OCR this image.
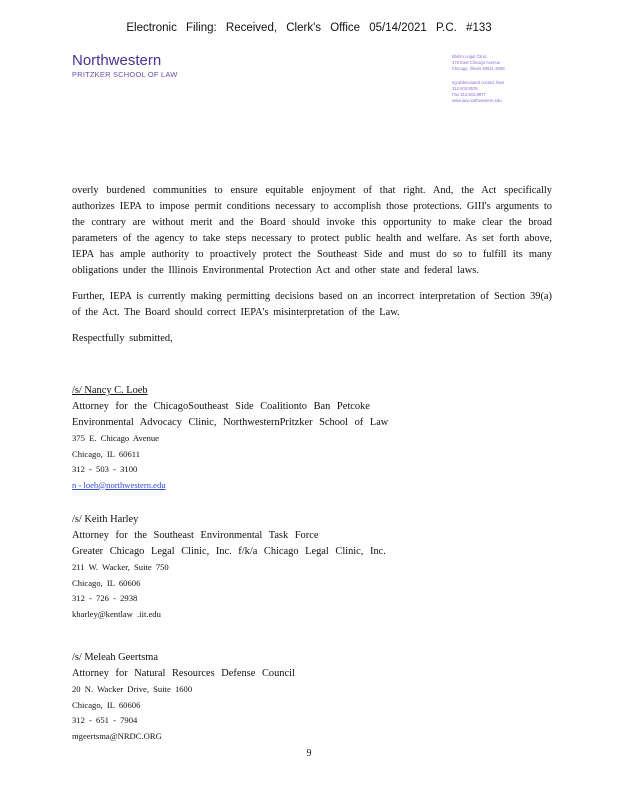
Electronic Filing: Received, Clerk's Office 05/14/2021 P.C. #133
Northwestern
PRITZKER SCHOOL OF LAW
Bluhm Legal Clinic
375 East Chicago Avenue
Chicago, Illinois 60611-3069
ng-abbreviated contact lines
312.503.8576
Fax 312.503.8977
www.law.northwestern.edu

overly burdened communities to ensure equitable enjoyment of that right. And, the Act specifically authorizes IEPA to impose permit conditions necessary to accomplish those protections. GIII's arguments to the contrary are without merit and the Board should invoke this opportunity to make clear the broad parameters of the agency to take steps necessary to protect public health and welfare. As set forth above, IEPA has ample authority to proactively protect the Southeast Side and must do so to fulfill its many obligations under the Illinois Environmental Protection Act and other state and federal laws.

Further, IEPA is currently making permitting decisions based on an incorrect interpretation of Section 39(a) of the Act. The Board should correct IEPA's misinterpretation of the Law.

Respectfully submitted,

/s/ Nancy C. Loeb
Attorney for the ChicagoSoutheast Side Coalitionto Ban Petcoke
Environmental Advocacy Clinic, NorthwesternPritzker School of Law
375 E. Chicago Avenue
Chicago, IL 60611
312 - 503 - 3100
n - loeb@northwestern.edu
/s/ Keith Harley
Attorney for the Southeast Environmental Task Force
Greater Chicago Legal Clinic, Inc. f/k/a Chicago Legal Clinic, Inc.
211 W. Wacker, Suite 750
Chicago, IL 60606
312 - 726 - 2938
kharley@kentlaw .iit.edu
/s/ Meleah Geertsma
Attorney for Natural Resources Defense Council
20 N. Wacker Drive, Suite 1600
Chicago, IL 60606
312 - 651 - 7904
mgeertsma@NRDC.ORG
9
